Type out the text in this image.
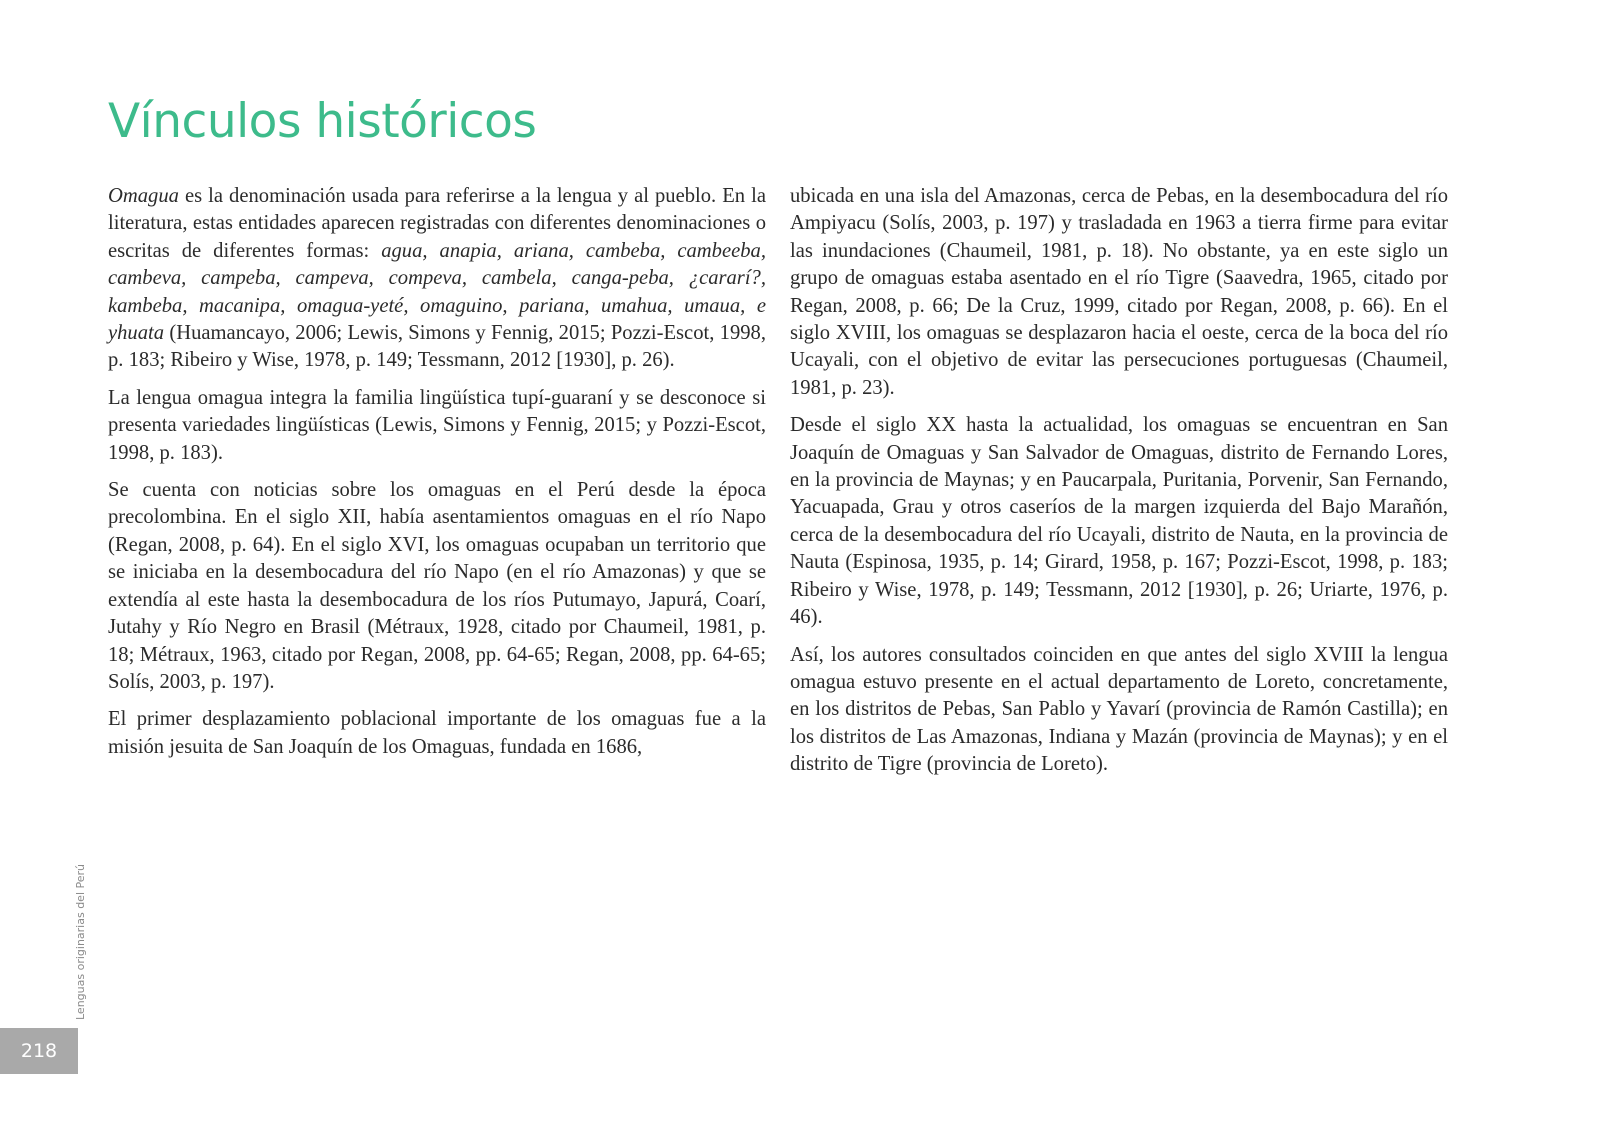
Vínculos históricos

Omagua es la denominación usada para referirse a la lengua y al pueblo. En la literatura, estas entidades aparecen registradas con diferentes denominaciones o escritas de diferentes formas: agua, anapia, ariana, cambeba, cambeeba, cambeva, campeba, campeva, compeva, cambela, canga-peba, ¿cararí?, kambeba, macanipa, omagua-yeté, omaguino, pariana, umahua, umaua, e yhuata (Huamancayo, 2006; Lewis, Simons y Fennig, 2015; Pozzi-Escot, 1998, p. 183; Ribeiro y Wise, 1978, p. 149; Tessmann, 2012 [1930], p. 26).

La lengua omagua integra la familia lingüística tupí-guaraní y se desconoce si presenta variedades lingüísticas (Lewis, Simons y Fennig, 2015; y Pozzi-Escot, 1998, p. 183).

Se cuenta con noticias sobre los omaguas en el Perú desde la época precolombina. En el siglo XII, había asentamientos omaguas en el río Napo (Regan, 2008, p. 64). En el siglo XVI, los omaguas ocupaban un territorio que se iniciaba en la desembocadura del río Napo (en el río Amazonas) y que se extendía al este hasta la desembocadura de los ríos Putumayo, Japurá, Coarí, Jutahy y Río Negro en Brasil (Métraux, 1928, citado por Chaumeil, 1981, p. 18; Métraux, 1963, citado por Regan, 2008, pp. 64-65; Regan, 2008, pp. 64-65; Solís, 2003, p. 197).

El primer desplazamiento poblacional importante de los omaguas fue a la misión jesuita de San Joaquín de los Omaguas, fundada en 1686,

ubicada en una isla del Amazonas, cerca de Pebas, en la desembocadura del río Ampiyacu (Solís, 2003, p. 197) y trasladada en 1963 a tierra firme para evitar las inundaciones (Chaumeil, 1981, p. 18). No obstante, ya en este siglo un grupo de omaguas estaba asentado en el río Tigre (Saavedra, 1965, citado por Regan, 2008, p. 66; De la Cruz, 1999, citado por Regan, 2008, p. 66). En el siglo XVIII, los omaguas se desplazaron hacia el oeste, cerca de la boca del río Ucayali, con el objetivo de evitar las persecuciones portuguesas (Chaumeil, 1981, p. 23).

Desde el siglo XX hasta la actualidad, los omaguas se encuentran en San Joaquín de Omaguas y San Salvador de Omaguas, distrito de Fernando Lores, en la provincia de Maynas; y en Paucarpala, Puritania, Porvenir, San Fernando, Yacuapada, Grau y otros caseríos de la margen izquierda del Bajo Marañón, cerca de la desembocadura del río Ucayali, distrito de Nauta, en la provincia de Nauta (Espinosa, 1935, p. 14; Girard, 1958, p. 167; Pozzi-Escot, 1998, p. 183; Ribeiro y Wise, 1978, p. 149; Tessmann, 2012 [1930], p. 26; Uriarte, 1976, p. 46).

Así, los autores consultados coinciden en que antes del siglo XVIII la lengua omagua estuvo presente en el actual departamento de Loreto, concretamente, en los distritos de Pebas, San Pablo y Yavarí (provincia de Ramón Castilla); en los distritos de Las Amazonas, Indiana y Mazán (provincia de Maynas); y en el distrito de Tigre (provincia de Loreto).

Lenguas originarias del Perú
218
